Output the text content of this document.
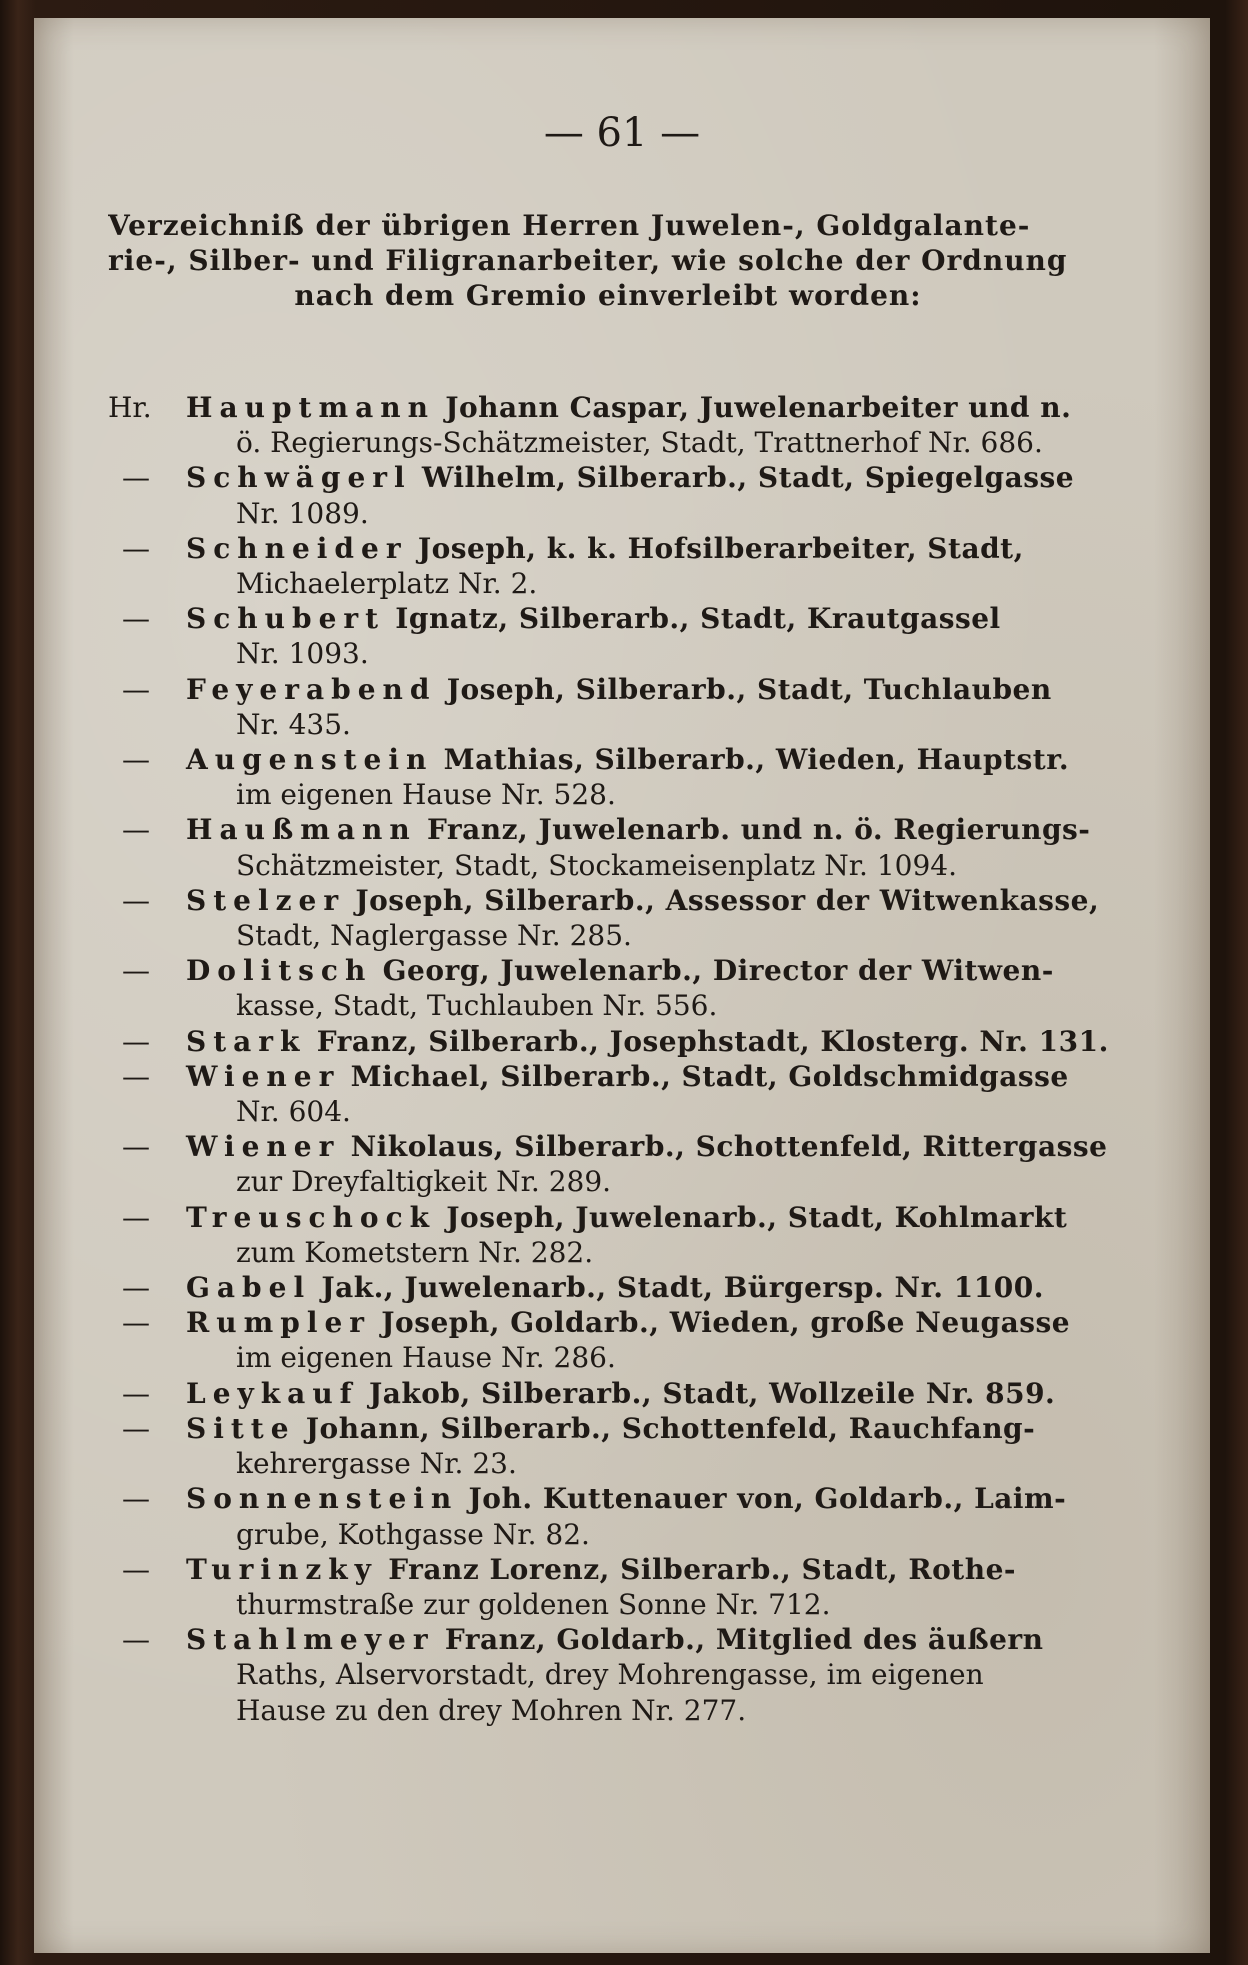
— 61 —
Verzeichniß der übrigen Herren Juwelen-, Goldgalante-
rie-, Silber- und Filigranarbeiter, wie solche der Ordnung
nach dem Gremio einverleibt worden:
Hr. Hauptmann Johann Caspar, Juwelenarbeiter und n.
ö. Regierungs-Schätzmeister, Stadt, Trattnerhof Nr. 686.
— Schwägerl Wilhelm, Silberarb., Stadt, Spiegelgasse
Nr. 1089.
— Schneider Joseph, k. k. Hofsilberarbeiter, Stadt,
Michaelerplatz Nr. 2.
— Schubert Ignatz, Silberarb., Stadt, Krautgassel
Nr. 1093.
— Feyerabend Joseph, Silberarb., Stadt, Tuchlauben
Nr. 435.
— Augenstein Mathias, Silberarb., Wieden, Hauptstr.
im eigenen Hause Nr. 528.
— Haußmann Franz, Juwelenarb. und n. ö. Regierungs-
Schätzmeister, Stadt, Stockameisenplatz Nr. 1094.
— Stelzer Joseph, Silberarb., Assessor der Witwenkasse,
Stadt, Naglergasse Nr. 285.
— Dolitsch Georg, Juwelenarb., Director der Witwen-
kasse, Stadt, Tuchlauben Nr. 556.
— Stark Franz, Silberarb., Josephstadt, Klosterg. Nr. 131.
— Wiener Michael, Silberarb., Stadt, Goldschmidgasse
Nr. 604.
— Wiener Nikolaus, Silberarb., Schottenfeld, Rittergasse
zur Dreyfaltigkeit Nr. 289.
— Treuschock Joseph, Juwelenarb., Stadt, Kohlmarkt
zum Kometstern Nr. 282.
— Gabel Jak., Juwelenarb., Stadt, Bürgersp. Nr. 1100.
— Rumpler Joseph, Goldarb., Wieden, große Neugasse
im eigenen Hause Nr. 286.
— Leykauf Jakob, Silberarb., Stadt, Wollzeile Nr. 859.
— Sitte Johann, Silberarb., Schottenfeld, Rauchfang-
kehrergasse Nr. 23.
— Sonnenstein Joh. Kuttenauer von, Goldarb., Laim-
grube, Kothgasse Nr. 82.
— Turinzky Franz Lorenz, Silberarb., Stadt, Rothe-
thurmstraße zur goldenen Sonne Nr. 712.
— Stahlmeyer Franz, Goldarb., Mitglied des äußern
Raths, Alservorstadt, drey Mohrengasse, im eigenen
Hause zu den drey Mohren Nr. 277.
